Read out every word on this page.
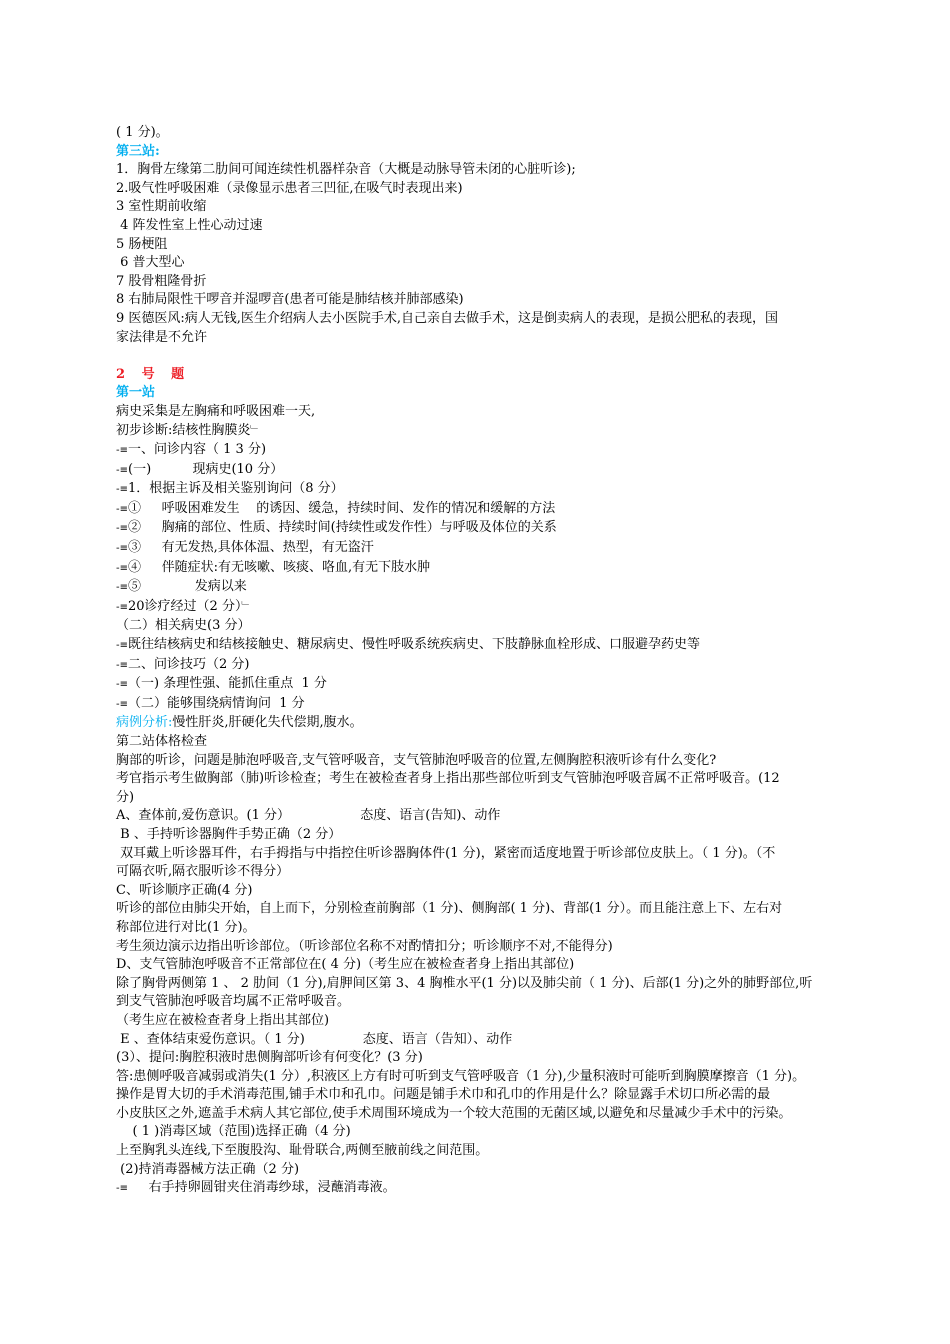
( 1 分)。

第三站:

1．胸骨左缘第二肋间可闻连续性机器样杂音（大概是动脉导管未闭的心脏听诊);

2.吸气性呼吸困难（录像显示患者三凹征,在吸气时表现出来)

3 室性期前收缩

4 阵发性室上性心动过速

5 肠梗阻

6 普大型心

7 股骨粗隆骨折

8 右肺局限性干啰音并湿啰音(患者可能是肺结核并肺部感染)

9 医德医风:病人无钱,医生介绍病人去小医院手术,自己亲自去做手术，这是倒卖病人的表现，是损公肥私的表现，国

家法律是不允许

2 号 题

第一站

病史采集是左胸痛和呼吸困难一天,

初步诊断:结核性胸膜炎﹂

-≡一、问诊内容（ 1 3 分)

-≡(一)          现病史(10 分）

-≡1．根据主诉及相关鉴别询问（8 分）

-≡①     呼吸困难发生    的诱因、缓急，持续时间、发作的情况和缓解的方法

-≡②     胸痛的部位、性质、持续时间(持续性或发作性）与呼吸及体位的关系

-≡③     有无发热,具体体温、热型，有无盗汗

-≡④     伴随症状:有无咳嗽、咳痰、咯血,有无下肢水肿

-≡⑤             发病以来

-≡20诊疗经过（2 分）﹂

（二）相关病史(3 分）

-≡既往结核病史和结核接触史、糖尿病史、慢性呼吸系统疾病史、下肢静脉血栓形成、口服避孕药史等

-≡二、问诊技巧（2 分)

-≡（一) 条理性强、能抓住重点  1 分

-≡（二）能够围绕病情询问  1 分

病例分析:慢性肝炎,肝硬化失代偿期,腹水。

第二站体格检查

胸部的听诊，问题是肺泡呼吸音,支气管呼吸音，支气管肺泡呼吸音的位置,左侧胸腔积液听诊有什么变化?

考官指示考生做胸部（肺)听诊检查；考生在被检查者身上指出那些部位听到支气管肺泡呼吸音属不正常呼吸音。(12

分)

A、查体前,爱伤意识。(1 分）                 态度、语言(告知)、动作

B 、手持听诊器胸件手势正确（2 分）

双耳戴上听诊器耳件，右手拇指与中指控住听诊器胸体件(1 分)，紧密而适度地置于听诊部位皮肤上。（ 1 分)。（不

可隔衣听,隔衣服听诊不得分）

C、听诊顺序正确(4 分)

听诊的部位由肺尖开始，自上而下，分别检查前胸部（1 分)、侧胸部( 1 分)、背部(1 分）。而且能注意上下、左右对

称部位进行对比(1 分)。

考生须边演示边指出听诊部位。（听诊部位名称不对酌情扣分；听诊顺序不对,不能得分)

D、支气管肺泡呼吸音不正常部位在( 4 分)（考生应在被检查者身上指出其部位)

除了胸骨两侧第 1 、 2 肋间（1 分),肩胛间区第 3、4 胸椎水平(1 分)以及肺尖前（ 1 分)、后部(1 分)之外的肺野部位,听

到支气管肺泡呼吸音均属不正常呼吸音。

（考生应在被检查者身上指出其部位)

E 、查体结束爱伤意识。（ 1 分)              态度、语言（告知）、动作

(3）、提问:胸腔积液时患侧胸部听诊有何变化？(3 分)

答:患侧呼吸音减弱或消失(1 分）,积液区上方有时可听到支气管呼吸音（1 分),少量积液时可能听到胸膜摩擦音（1 分)。

操作是胃大切的手术消毒范围,铺手术巾和孔巾。问题是铺手术巾和孔巾的作用是什么？除显露手术切口所必需的最

小皮肤区之外,遮盖手术病人其它部位,使手术周围环境成为一个较大范围的无菌区域,以避免和尽量减少手术中的污染。

( 1 )消毒区域（范围)选择正确（4 分)

上至胸乳头连线,下至腹股沟、耻骨联合,两侧至腋前线之间范围。

(2)持消毒器械方法正确（2 分)

-≡     右手持卵圆钳夹住消毒纱球，浸蘸消毒液。
